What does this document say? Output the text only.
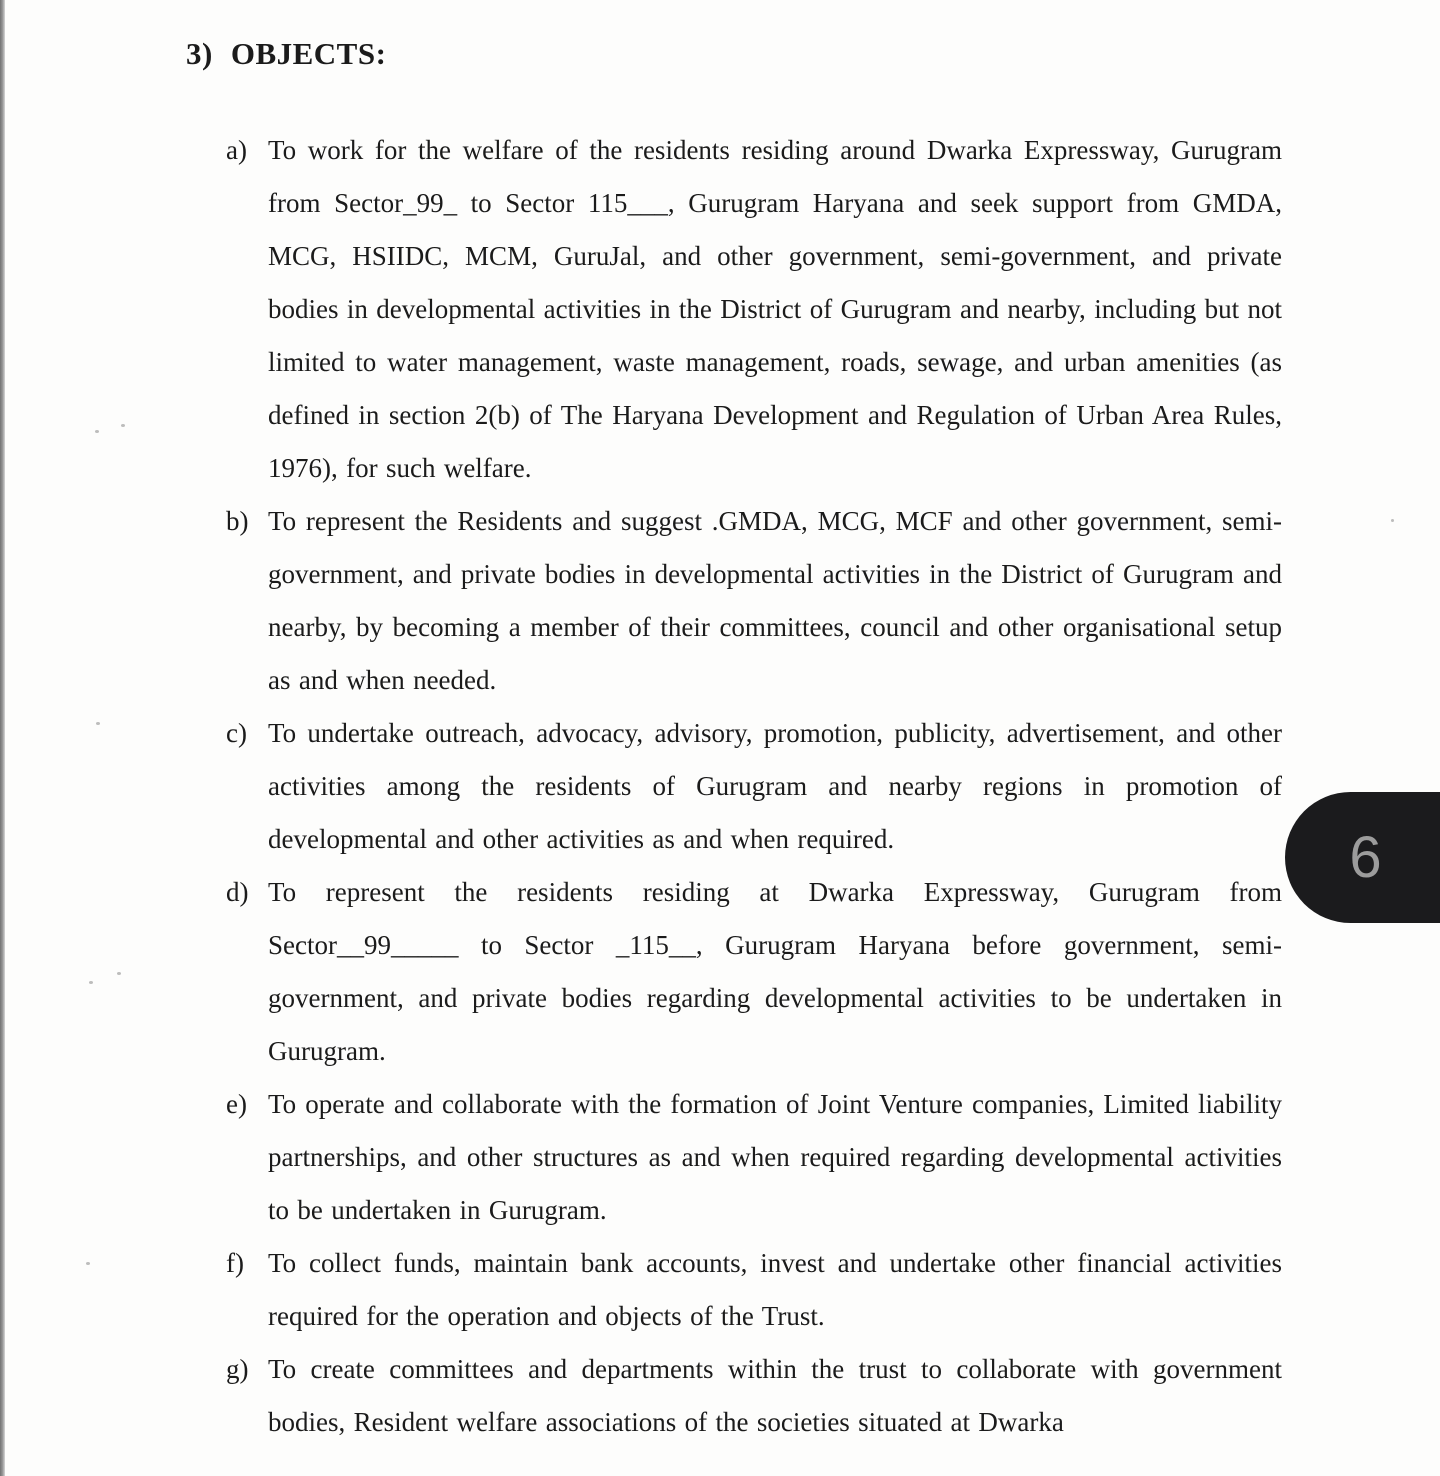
3) OBJECTS:
a) To work for the welfare of the residents residing around Dwarka Expressway, Gurugram from Sector_99_ to Sector 115___, Gurugram Haryana and seek support from GMDA, MCG, HSIIDC, MCM, GuruJal, and other government, semi-government, and private bodies in developmental activities in the District of Gurugram and nearby, including but not limited to water management, waste management, roads, sewage, and urban amenities (as defined in section 2(b) of The Haryana Development and Regulation of Urban Area Rules, 1976), for such welfare.

b) To represent the Residents and suggest .GMDA, MCG, MCF and other government, semi-government, and private bodies in developmental activities in the District of Gurugram and nearby, by becoming a member of their committees, council and other organisational setup as and when needed.

c) To undertake outreach, advocacy, advisory, promotion, publicity, advertisement, and other activities among the residents of Gurugram and nearby regions in promotion of developmental and other activities as and when required.

d) To represent the residents residing at Dwarka Expressway, Gurugram from Sector__99_____ to Sector _115__, Gurugram Haryana before government, semi-government, and private bodies regarding developmental activities to be undertaken in Gurugram.

e) To operate and collaborate with the formation of Joint Venture companies, Limited liability partnerships, and other structures as and when required regarding developmental activities to be undertaken in Gurugram.

f) To collect funds, maintain bank accounts, invest and undertake other financial activities required for the operation and objects of the Trust.

g) To create committees and departments within the trust to collaborate with government bodies, Resident welfare associations of the societies situated at Dwarka

6
